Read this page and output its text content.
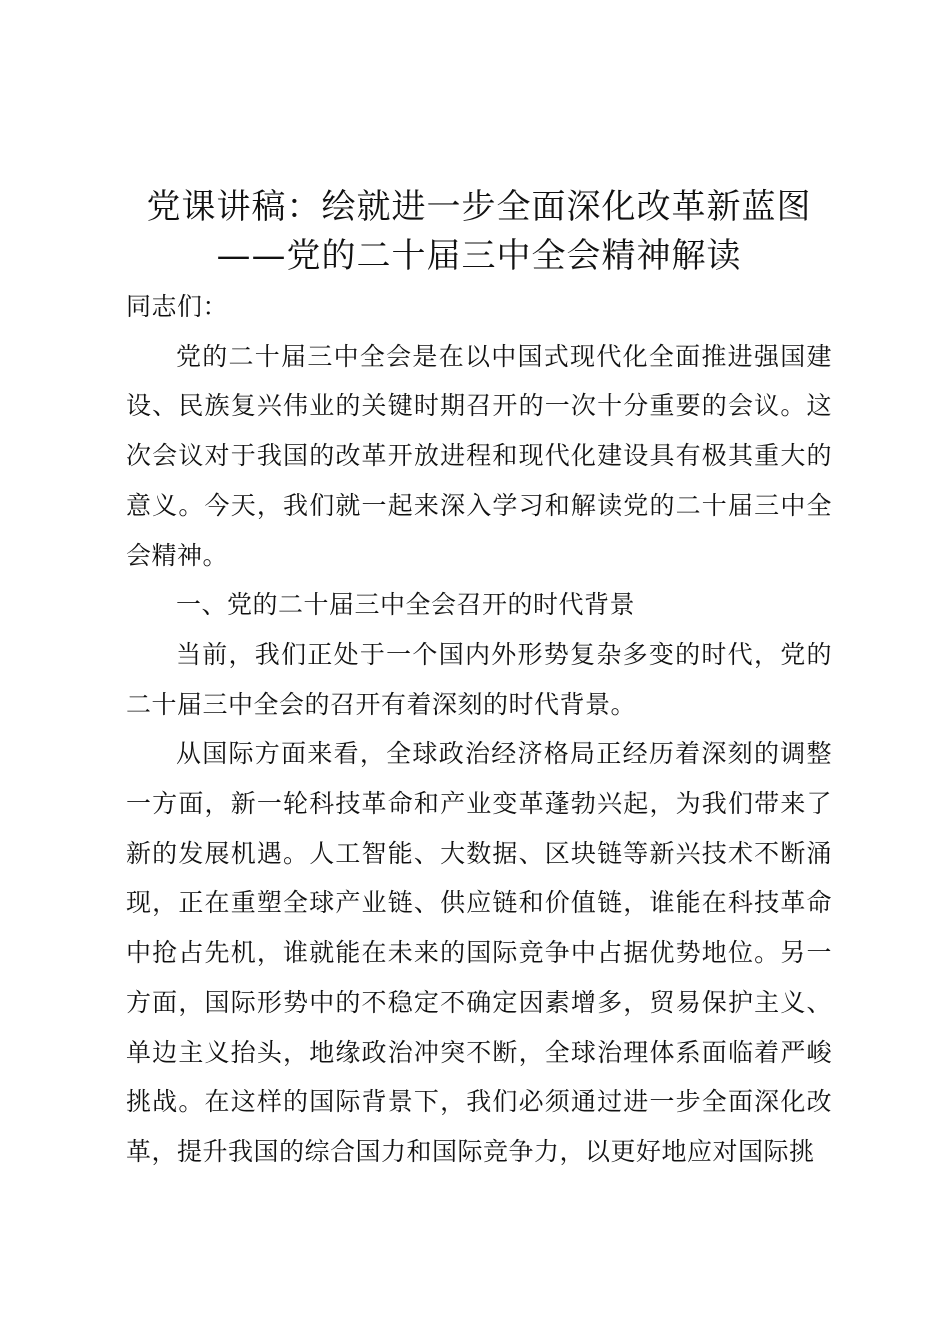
党课讲稿：绘就进一步全面深化改革新蓝图——党的二十届三中全会精神解读

同志们：

党的二十届三中全会是在以中国式现代化全面推进强国建设、民族复兴伟业的关键时期召开的一次十分重要的会议。这次会议对于我国的改革开放进程和现代化建设具有极其重大的意义。今天，我们就一起来深入学习和解读党的二十届三中全会精神。

一、党的二十届三中全会召开的时代背景

当前，我们正处于一个国内外形势复杂多变的时代，党的二十届三中全会的召开有着深刻的时代背景。

从国际方面来看，全球政治经济格局正经历着深刻的调整一方面，新一轮科技革命和产业变革蓬勃兴起，为我们带来了新的发展机遇。人工智能、大数据、区块链等新兴技术不断涌现，正在重塑全球产业链、供应链和价值链，谁能在科技革命中抢占先机，谁就能在未来的国际竞争中占据优势地位。另一方面，国际形势中的不稳定不确定因素增多，贸易保护主义、单边主义抬头，地缘政治冲突不断，全球治理体系面临着严峻挑战。在这样的国际背景下，我们必须通过进一步全面深化改革，提升我国的综合国力和国际竞争力，以更好地应对国际挑
